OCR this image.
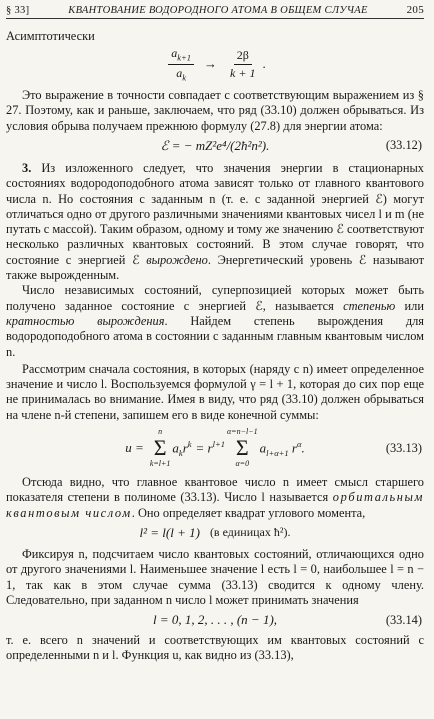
§ 33]	КВАНТОВАНИЕ ВОДОРОДНОГО АТОМА В ОБЩЕМ СЛУЧАЕ	205

Асимптотически

$\frac{a_{k+1}}{a_k} \to \frac{2\beta}{k + 1}$ .

Это выражение в точности совпадает с соответствующим выражением из § 27. Поэтому, как и раньше, заключаем, что ряд (33.10) должен обрываться. Из условия обрыва получаем прежнюю формулу (27.8) для энергии атома:

ℰ = − mZ²e⁴/(2ħ²n²).	(33.12)

3. Из изложенного следует, что значения энергии в стационарных состояниях водородоподобного атома зависят только от главного квантового числа n. Но состояния с заданным n (т. е. с заданной энергией ℰ) могут отличаться одно от другого различными значениями квантовых чисел l и m (не путать с массой). Таким образом, одному и тому же значению ℰ соответствуют несколько различных квантовых состояний. В этом случае говорят, что состояние с энергией ℰ вырождено. Энергетический уровень ℰ называют также вырожденным.

Число независимых состояний, суперпозицией которых может быть получено заданное состояние с энергией ℰ, называется степенью или кратностью вырождения. Найдем степень вырождения для водородоподобного атома в состоянии с заданным главным квантовым числом n.

Рассмотрим сначала состояния, в которых (наряду с n) имеет определенное значение и число l. Воспользуемся формулой γ = l + 1, которая до сих пор еще не принималась во внимание. Имея в виду, что ряд (33.10) должен обрываться на члене n-й степени, запишем его в виде конечной суммы:

u =
n
Σ
k=l+1
$a_kr^k = r^{l+1}$
α=n−l−1
Σ
α=0
$a_{l+\alpha+1}$ $r^\alpha$.	(33.13)

Отсюда видно, что главное квантовое число n имеет смысл старшего показателя степени в полиноме (33.13). Число l называется орбитальным квантовым числом. Оно определяет квадрат углового момента,

l² = l(l + 1) (в единицах ħ²).

Фиксируя n, подсчитаем число квантовых состояний, отличающихся одно от другого значениями l. Наименьшее значение l есть l = 0, наибольшее l = n − 1, так как в этом случае сумма (33.13) сводится к одному члену. Следовательно, при заданном n число l может принимать значения

l = 0, 1, 2, . . . , (n − 1),	(33.14)

т. е. всего n значений и соответствующих им квантовых состояний с определенными n и l. Функция u, как видно из (33.13),
